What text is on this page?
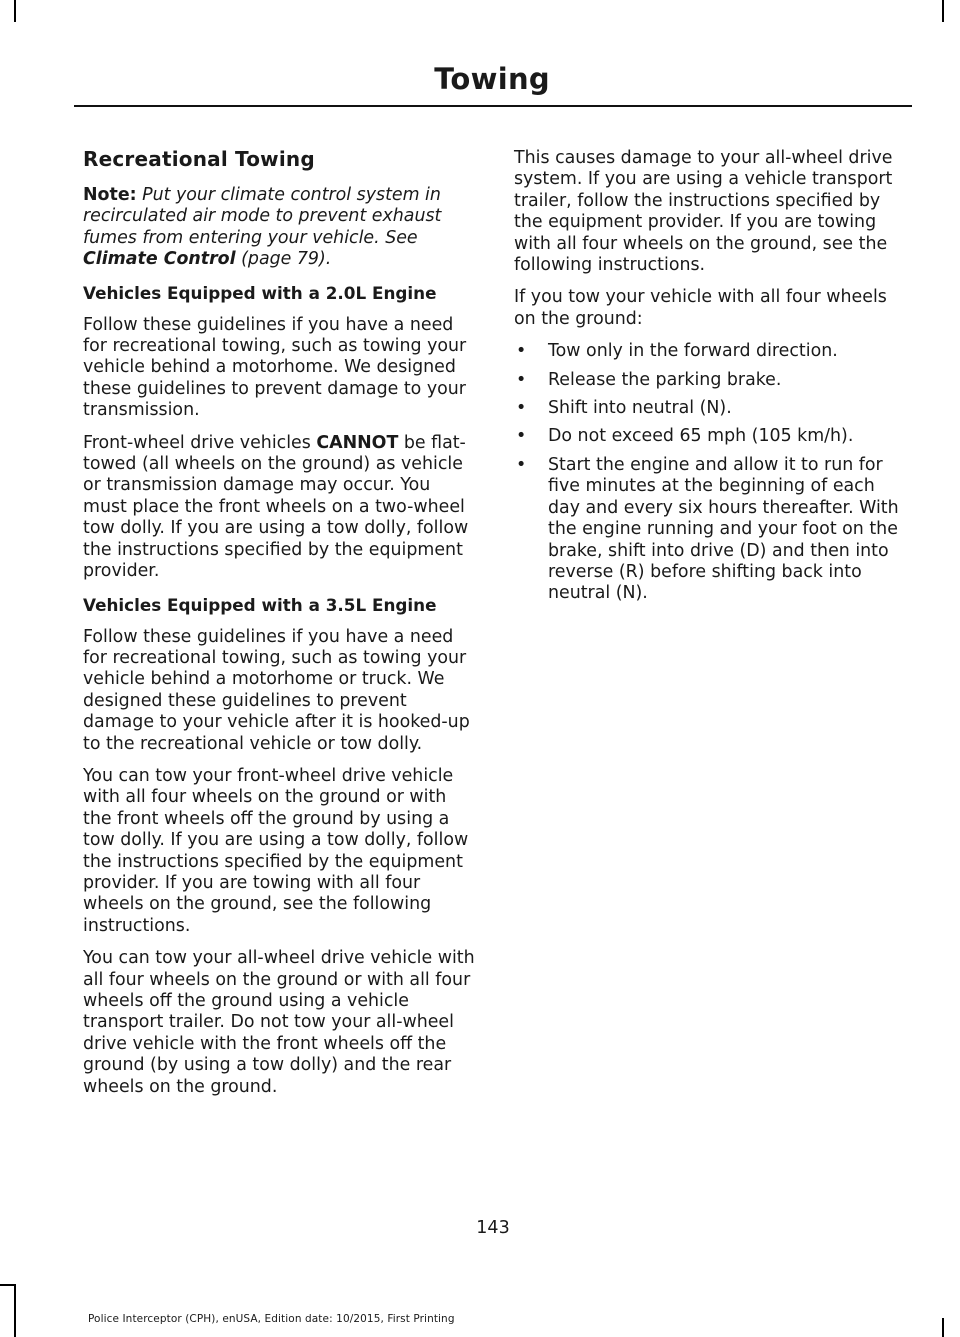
Towing
Recreational Towing

Note: Put your climate control system in recirculated air mode to prevent exhaust fumes from entering your vehicle. See Climate Control (page 79).

Vehicles Equipped with a 2.0L Engine

Follow these guidelines if you have a need for recreational towing, such as towing your vehicle behind a motorhome. We designed these guidelines to prevent damage to your transmission.

Front-wheel drive vehicles CANNOT be flat-towed (all wheels on the ground) as vehicle or transmission damage may occur. You must place the front wheels on a two-wheel tow dolly. If you are using a tow dolly, follow the instructions specified by the equipment provider.

Vehicles Equipped with a 3.5L Engine

Follow these guidelines if you have a need for recreational towing, such as towing your vehicle behind a motorhome or truck. We designed these guidelines to prevent damage to your vehicle after it is hooked-up to the recreational vehicle or tow dolly.

You can tow your front-wheel drive vehicle with all four wheels on the ground or with the front wheels off the ground by using a tow dolly. If you are using a tow dolly, follow the instructions specified by the equipment provider. If you are towing with all four wheels on the ground, see the following instructions.

You can tow your all-wheel drive vehicle with all four wheels on the ground or with all four wheels off the ground using a vehicle transport trailer. Do not tow your all-wheel drive vehicle with the front wheels off the ground (by using a tow dolly) and the rear wheels on the ground.

This causes damage to your all-wheel drive system. If you are using a vehicle transport trailer, follow the instructions specified by the equipment provider. If you are towing with all four wheels on the ground, see the following instructions.

If you tow your vehicle with all four wheels on the ground:

• Tow only in the forward direction.
• Release the parking brake.
• Shift into neutral (N).
• Do not exceed 65 mph (105 km/h).
• Start the engine and allow it to run for five minutes at the beginning of each day and every six hours thereafter. With the engine running and your foot on the brake, shift into drive (D) and then into reverse (R) before shifting back into neutral (N).
143
Police Interceptor (CPH), enUSA, Edition date: 10/2015, First Printing
